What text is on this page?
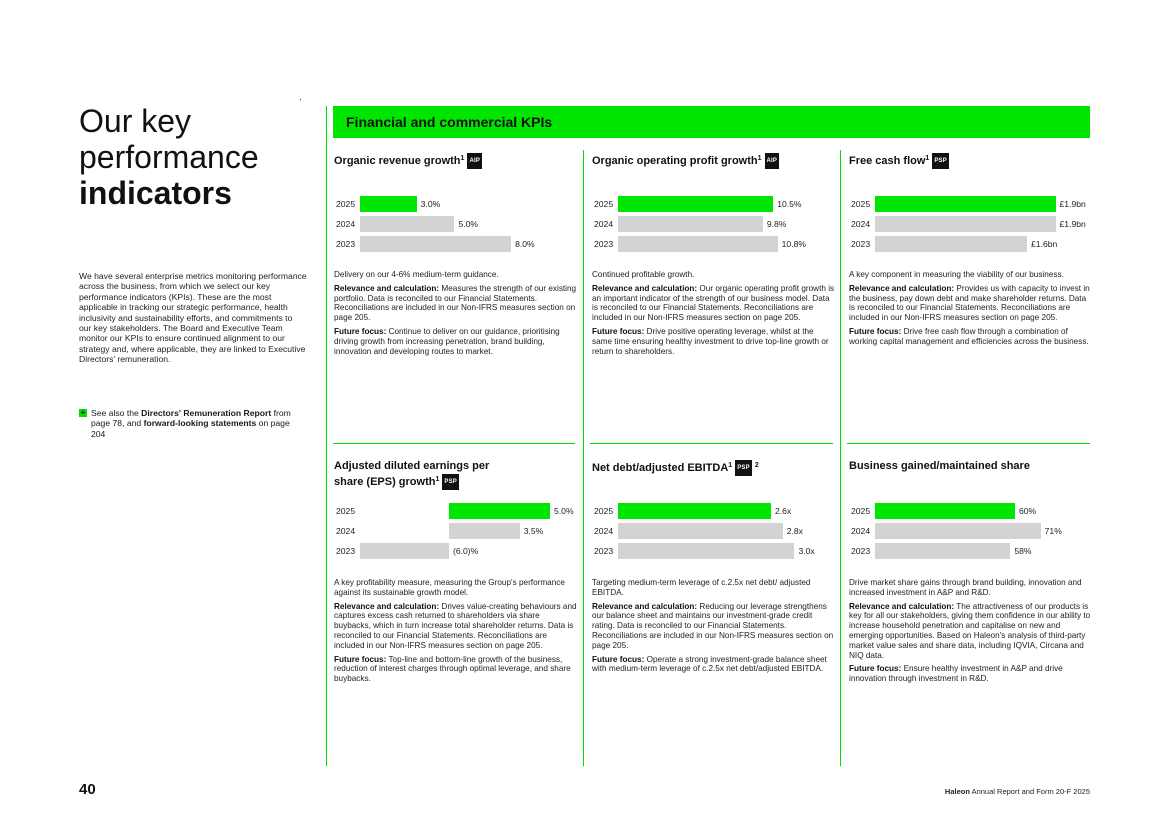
Our key
performance
indicators
We have several enterprise metrics monitoring performance across the business, from which we select our key performance indicators (KPIs). These are the most applicable in tracking our strategic performance, health inclusivity and sustainability efforts, and commitments to our key stakeholders. The Board and Executive Team monitor our KPIs to ensure continued alignment to our strategy and, where applicable, they are linked to Executive Directors' remuneration.
+ See also the Directors' Remuneration Report from page 78, and forward-looking statements on page 204
Financial and commercial KPIs
Organic revenue growth$^1$ AIP
2025	3.0%
2024	5.0%
2023	8.0%

Delivery on our 4-6% medium-term guidance.

Relevance and calculation: Measures the strength of our existing portfolio. Data is reconciled to our Financial Statements. Reconciliations are included in our Non-IFRS measures section on page 205.

Future focus: Continue to deliver on our guidance, prioritising driving growth from increasing penetration, brand building, innovation and developing routes to market.

Organic operating profit growth$^1$ AIP
2025	10.5%
2024	9.8%
2023	10.8%

Continued profitable growth.

Relevance and calculation: Our organic operating profit growth is an important indicator of the strength of our business model. Data is reconciled to our Financial Statements. Reconciliations are included in our Non-IFRS measures section on page 205.

Future focus: Drive positive operating leverage, whilst at the same time ensuring healthy investment to drive top-line growth or return to shareholders.

Free cash flow$^1$ PSP
2025	£1.9bn
2024	£1.9bn
2023	£1.6bn

A key component in measuring the viability of our business.

Relevance and calculation: Provides us with capacity to invest in the business, pay down debt and make shareholder returns. Data is reconciled to our Financial Statements. Reconciliations are included in our Non-IFRS measures section on page 205.

Future focus: Drive free cash flow through a combination of working capital management and efficiencies across the business.

Adjusted diluted earnings per share (EPS) growth$^1$ PSP
2025	5.0%
2024	3.5%
2023	(6.0)%

A key profitability measure, measuring the Group's performance against its sustainable growth model.

Relevance and calculation: Drives value-creating behaviours and captures excess cash returned to shareholders via share buybacks, which in turn increase total shareholder returns. Data is reconciled to our Financial Statements. Reconciliations are included in our Non-IFRS measures section on page 205.

Future focus: Top-line and bottom-line growth of the business, reduction of interest charges through optimal leverage, and share buybacks.

Net debt/adjusted EBITDA$^1$ PSP $^2$
2025	2.6x
2024	2.8x
2023	3.0x

Targeting medium-term leverage of c.2.5x net debt/ adjusted EBITDA.

Relevance and calculation: Reducing our leverage strengthens our balance sheet and maintains our investment-grade credit rating. Data is reconciled to our Financial Statements. Reconciliations are included in our Non-IFRS measures section on page 205.

Future focus: Operate a strong investment-grade balance sheet with medium-term leverage of c.2.5x net debt/adjusted EBITDA.

Business gained/maintained share
2025	60%
2024	71%
2023	58%

Drive market share gains through brand building, innovation and increased investment in A&P and R&D.

Relevance and calculation: The attractiveness of our products is key for all our stakeholders, giving them confidence in our ability to increase household penetration and capitalise on new and emerging opportunities. Based on Haleon's analysis of third-party market value sales and share data, including IQVIA, Circana and NIQ data.

Future focus: Ensure healthy investment in A&P and drive innovation through investment in R&D.

40	Haleon Annual Report and Form 20-F 2025
